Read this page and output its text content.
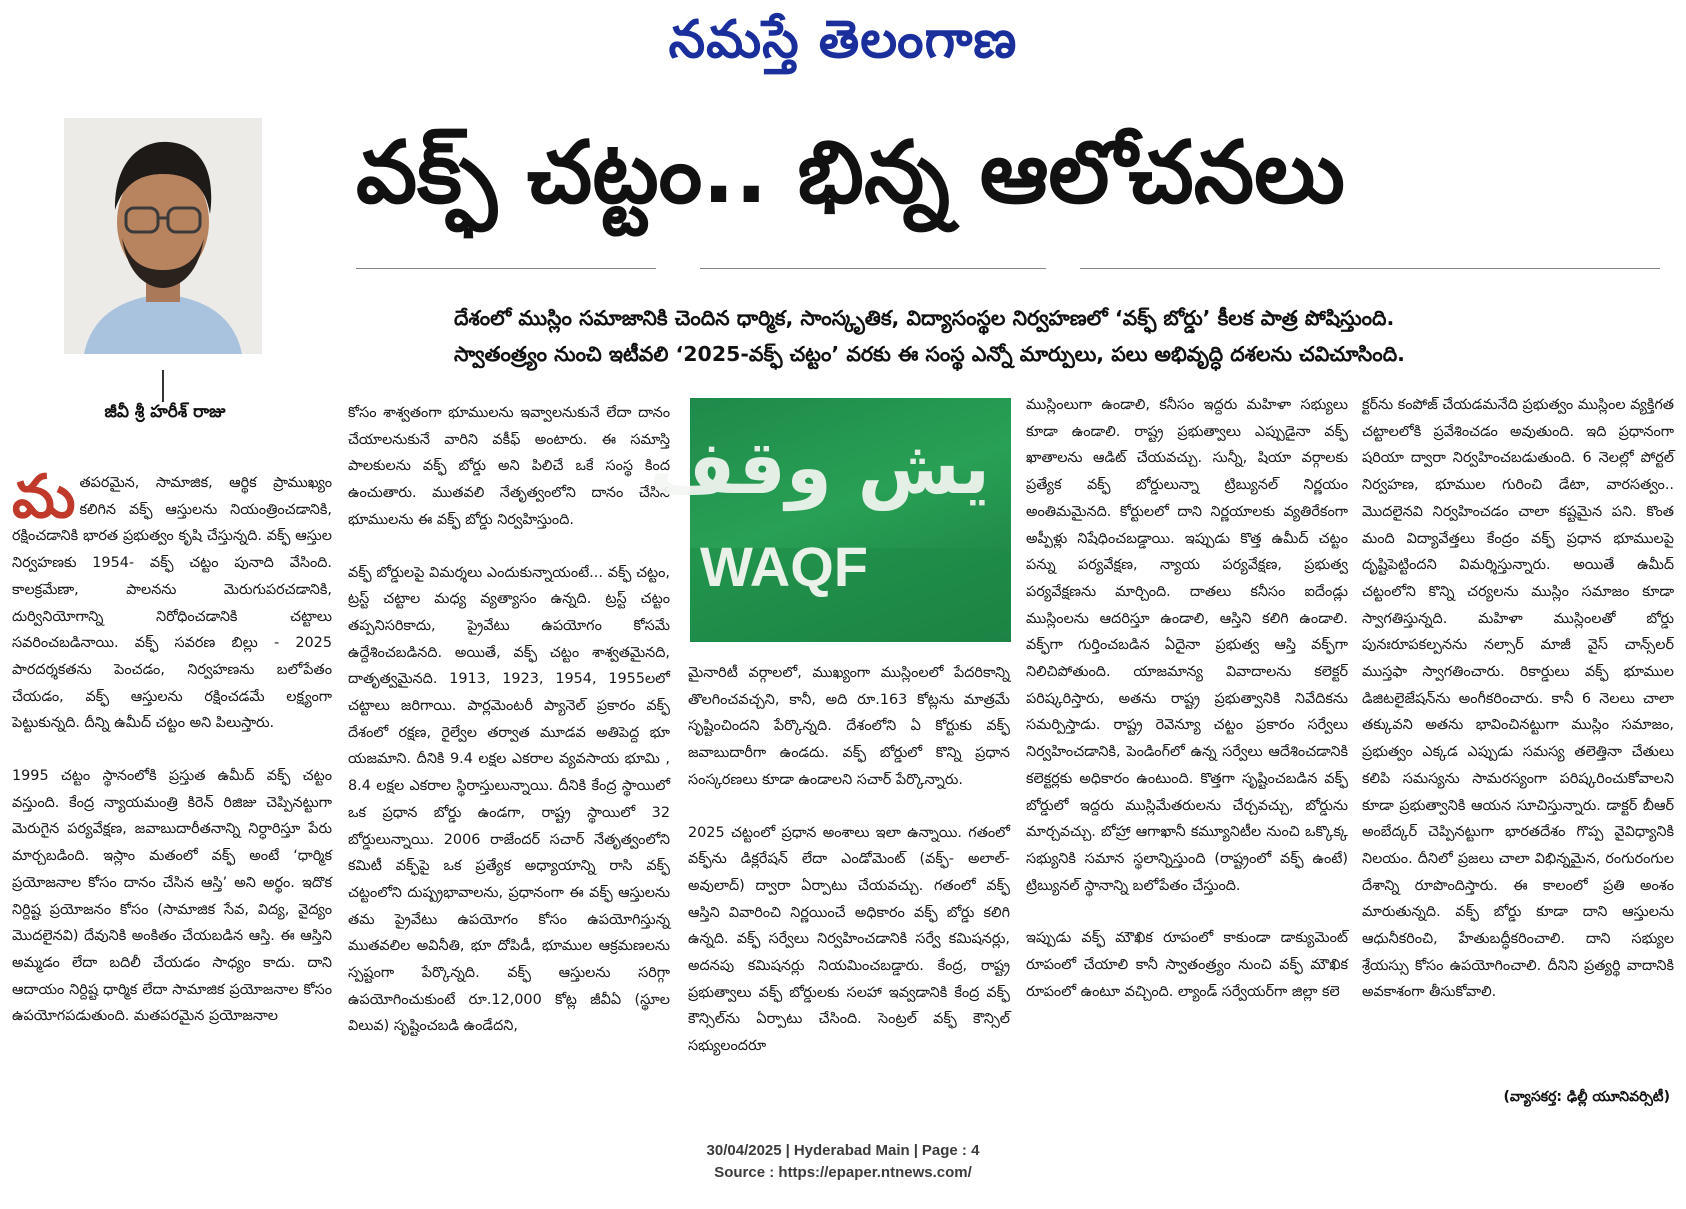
నమస్తే తెలంగాణ
జీవీ శ్రీ హరీశ్ రాజు
వక్ఫ్ చట్టం.. భిన్న ఆలోచనలు
దేశంలో ముస్లిం సమాజానికి చెందిన ధార్మిక, సాంస్కృతిక, విద్యాసంస్థల నిర్వహణలో ‘వక్ఫ్ బోర్డు’ కీలక పాత్ర పోషిస్తుంది.
స్వాతంత్ర్యం నుంచి ఇటీవలి ‘2025-వక్ఫ్ చట్టం’ వరకు ఈ సంస్థ ఎన్నో మార్పులు, పలు అభివృద్ధి దశలను చవిచూసింది.

మతపరమైన, సామాజిక, ఆర్థిక ప్రాముఖ్యం కలిగిన వక్ఫ్ ఆస్తులను నియంత్రించడానికి, రక్షించడానికి భారత ప్రభుత్వం కృషి చేస్తున్నది. వక్ఫ్ ఆస్తుల నిర్వహణకు 1954- వక్ఫ్ చట్టం పునాది వేసింది. కాలక్రమేణా, పాలనను మెరుగుపరచడానికి, దుర్వినియోగాన్ని నిరోధించడానికి చట్టాలు సవరించబడినాయి. వక్ఫ్ సవరణ బిల్లు - 2025 పారదర్శకతను పెంచడం, నిర్వహణను బలోపేతం చేయడం, వక్ఫ్ ఆస్తులను రక్షించడమే లక్ష్యంగా పెట్టుకున్నది. దీన్ని ఉమీద్ చట్టం అని పిలుస్తారు.

1995 చట్టం స్థానంలోకి ప్రస్తుత ఉమీద్ వక్ఫ్ చట్టం వస్తుంది. కేంద్ర న్యాయమంత్రి కిరెన్ రిజిజు చెప్పినట్టుగా మెరుగైన పర్యవేక్షణ, జవాబుదారీతనాన్ని నిర్ధారిస్తూ పేరు మార్చబడింది. ఇస్లాం మతంలో వక్ఫ్ అంటే ‘ధార్మిక ప్రయోజనాల కోసం దానం చేసిన ఆస్తి’ అని అర్థం. ఇదొక నిర్దిష్ట ప్రయోజనం కోసం (సామాజిక సేవ, విద్య, వైద్యం మొదలైనవి) దేవునికి అంకితం చేయబడిన ఆస్తి. ఈ ఆస్తిని అమ్మడం లేదా బదిలీ చేయడం సాధ్యం కాదు. దాని ఆదాయం నిర్దిష్ట ధార్మిక లేదా సామాజిక ప్రయోజనాల కోసం ఉపయోగపడుతుంది. మతపరమైన ప్రయోజనాల

కోసం శాశ్వతంగా భూములను ఇవ్వాలనుకునే లేదా దానం చేయాలనుకునే వారిని వకీఫ్ అంటారు. ఈ సమాస్తి పాలకులను వక్ఫ్ బోర్డు అని పిలిచే ఒకే సంస్థ కింద ఉంచుతారు. ముతవలి నేతృత్వంలోని దానం చేసిన భూములను ఈ వక్ఫ్ బోర్డు నిర్వహిస్తుంది.

వక్ఫ్ బోర్డులపై విమర్శలు ఎందుకున్నాయంటే... వక్ఫ్ చట్టం, ట్రస్ట్ చట్టాల మధ్య వ్యత్యాసం ఉన్నది. ట్రస్ట్ చట్టం తప్పనిసరికాదు, ప్రైవేటు ఉపయోగం కోసమే ఉద్దేశించబడినది. అయితే, వక్ఫ్ చట్టం శాశ్వతమైనది, దాతృత్వమైనది. 1913, 1923, 1954, 1955లలో చట్టాలు జరిగాయి. పార్లమెంటరీ ప్యానెల్ ప్రకారం వక్ఫ్ దేశంలో రక్షణ, రైల్వేల తర్వాత మూడవ అతిపెద్ద భూ యజమాని. దీనికి 9.4 లక్షల ఎకరాల వ్యవసాయ భూమి , 8.4 లక్షల ఎకరాల స్థిరాస్తులున్నాయి. దీనికి కేంద్ర స్థాయిలో ఒక ప్రధాన బోర్డు ఉండగా, రాష్ట్ర స్థాయిలో 32 బోర్డులున్నాయి. 2006 రాజేందర్ సచార్ నేతృత్వంలోని కమిటీ వక్ఫ్‌పై ఒక ప్రత్యేక అధ్యాయాన్ని రాసి వక్ఫ్ చట్టంలోని దుష్ప్రభావాలను, ప్రధానంగా ఈ వక్ఫ్ ఆస్తులను తమ ప్రైవేటు ఉపయోగం కోసం ఉపయోగిస్తున్న ముతవలిల అవినీతి, భూ దోపిడీ, భూముల ఆక్రమణలను స్పష్టంగా పేర్కొన్నది. వక్ఫ్ ఆస్తులను సరిగ్గా ఉపయోగించుకుంటే రూ.12,000 కోట్ల జీవీఏ (స్థూల విలువ) సృష్టించబడి ఉండేదని,

يش وقف
WAQF

మైనారిటీ వర్గాలలో, ముఖ్యంగా ముస్లింలలో పేదరికాన్ని తొలగించవచ్చని, కానీ, అది రూ.163 కోట్లను మాత్రమే సృష్టించిందని పేర్కొన్నది. దేశంలోని ఏ కోర్టుకు వక్ఫ్ జవాబుదారీగా ఉండదు. వక్ఫ్ బోర్డులో కొన్ని ప్రధాన సంస్కరణలు కూడా ఉండాలని సచార్ పేర్కొన్నారు.

2025 చట్టంలో ప్రధాన అంశాలు ఇలా ఉన్నాయి. గతంలో వక్ఫ్‌ను డిక్లరేషన్ లేదా ఎండోమెంట్ (వక్ఫ్- అలాల్- అవులాద్) ద్వారా ఏర్పాటు చేయవచ్చు. గతంలో వక్ఫ్ ఆస్తిని వివారించి నిర్ణయించే అధికారం వక్ఫ్ బోర్డు కలిగి ఉన్నది. వక్ఫ్ సర్వేలు నిర్వహించడానికి సర్వే కమిషనర్లు, అదనపు కమిషనర్లు నియమించబడ్డారు. కేంద్ర, రాష్ట్ర ప్రభుత్వాలు వక్ఫ్ బోర్డులకు సలహా ఇవ్వడానికి కేంద్ర వక్ఫ్ కౌన్సిల్‌ను ఏర్పాటు చేసింది. సెంట్రల్ వక్ఫ్ కౌన్సిల్ సభ్యులందరూ

ముస్లింలుగా ఉండాలి, కనీసం ఇద్దరు మహిళా సభ్యులు కూడా ఉండాలి. రాష్ట్ర ప్రభుత్వాలు ఎప్పుడైనా వక్ఫ్ ఖాతాలను ఆడిట్ చేయవచ్చు. సున్నీ, షియా వర్గాలకు ప్రత్యేక వక్ఫ్ బోర్డులున్నా ట్రిబ్యునల్ నిర్ణయం అంతిమమైనది. కోర్టులలో దాని నిర్ణయాలకు వ్యతిరేకంగా అప్పీళ్లు నిషేధించబడ్డాయి. ఇప్పుడు కొత్త ఉమీద్ చట్టం పన్ను పర్యవేక్షణ, న్యాయ పర్యవేక్షణ, ప్రభుత్వ పర్యవేక్షణను మార్చింది. దాతలు కనీసం ఐదేండ్లు ముస్లింలను ఆదరిస్తూ ఉండాలి, ఆస్తిని కలిగి ఉండాలి. వక్ఫ్‌గా గుర్తించబడిన ఏదైనా ప్రభుత్వ ఆస్తి వక్ఫ్‌గా నిలిచిపోతుంది. యాజమాన్య వివాదాలను కలెక్టర్ పరిష్కరిస్తారు, అతను రాష్ట్ర ప్రభుత్వానికి నివేదికను సమర్పిస్తాడు. రాష్ట్ర రెవెన్యూ చట్టం ప్రకారం సర్వేలు నిర్వహించడానికి, పెండింగ్‌లో ఉన్న సర్వేలు ఆదేశించడానికి కలెక్టర్లకు అధికారం ఉంటుంది. కొత్తగా సృష్టించబడిన వక్ఫ్ బోర్డులో ఇద్దరు ముస్లిమేతరులను చేర్చవచ్చు, బోర్డును మార్చవచ్చు. బోహ్రా ఆగాఖానీ కమ్యూనిటీల నుంచి ఒక్కొక్క సభ్యునికి సమాన స్థలాన్నిస్తుంది (రాష్ట్రంలో వక్ఫ్ ఉంటే) ట్రిబ్యునల్ స్థానాన్ని బలోపేతం చేస్తుంది.

ఇప్పుడు వక్ఫ్ మౌఖిక రూపంలో కాకుండా డాక్యుమెంట్ రూపంలో చేయాలి కానీ స్వాతంత్ర్యం నుంచి వక్ఫ్ మౌఖిక రూపంలో ఉంటూ వచ్చింది. ల్యాండ్ సర్వేయర్‌గా జిల్లా కలె

క్టర్‌ను కంపోజ్ చేయడమనేది ప్రభుత్వం ముస్లింల వ్యక్తిగత చట్టాలలోకి ప్రవేశించడం అవుతుంది. ఇది ప్రధానంగా షరియా ద్వారా నిర్వహించబడుతుంది. 6 నెలల్లో పోర్టల్ నిర్వహణ, భూముల గురించి డేటా, వారసత్వం.. మొదలైనవి నిర్వహించడం చాలా కష్టమైన పని. కొంత మంది విద్యావేత్తలు కేంద్రం వక్ఫ్ ప్రధాన భూములపై దృష్టిపెట్టిందని విమర్శిస్తున్నారు. అయితే ఉమీద్ చట్టంలోని కొన్ని చర్యలను ముస్లిం సమాజం కూడా స్వాగతిస్తున్నది. మహిళా ముస్లింలతో బోర్డు పునఃరూపకల్పనను నల్సార్ మాజీ వైస్ చాన్స్‌లర్ ముస్తఫా స్వాగతించారు. రికార్డులు వక్ఫ్ భూముల డిజిటలైజేషన్‌ను అంగీకరించారు. కానీ 6 నెలలు చాలా తక్కువని అతను భావించినట్టుగా ముస్లిం సమాజం, ప్రభుత్వం ఎక్కడ ఎప్పుడు సమస్య తలెత్తినా చేతులు కలిపి సమస్యను సామరస్యంగా పరిష్కరించుకోవాలని కూడా ప్రభుత్వానికి ఆయన సూచిస్తున్నారు. డాక్టర్ బీఆర్ అంబేద్కర్ చెప్పినట్టుగా భారతదేశం గొప్ప వైవిధ్యానికి నిలయం. దీనిలో ప్రజలు చాలా విభిన్నమైన, రంగురంగుల దేశాన్ని రూపొందిస్తారు. ఈ కాలంలో ప్రతి అంశం మారుతున్నది. వక్ఫ్ బోర్డు కూడా దాని ఆస్తులను ఆధునీకరించి, హేతుబద్ధీకరించాలి. దాని సభ్యుల శ్రేయస్సు కోసం ఉపయోగించాలి. దీనిని ప్రత్యర్థి వాదానికి అవకాశంగా తీసుకోవాలి.

(వ్యాసకర్త: ఢిల్లీ యూనివర్సిటీ)
30/04/2025 | Hyderabad Main | Page : 4
Source : https://epaper.ntnews.com/
